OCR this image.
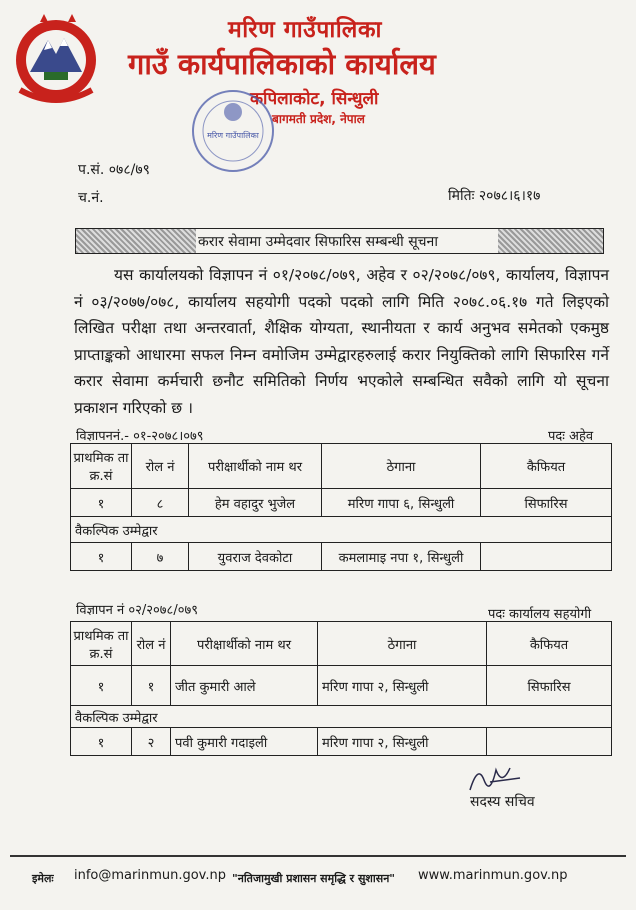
मरिण गाउँपालिका
गाउँ कार्यपालिकाको कार्यालय
कपिलाकोट, सिन्धुली
बागमती प्रदेश, नेपाल
मरिण गाउँपालिका
प.सं. ०७८/७९
च.नं.	मितिः २०७८।६।१७
करार सेवामा उम्मेदवार सिफारिस सम्बन्धी सूचना

यस कार्यालयको विज्ञापन नं ०१/२०७८/०७९, अहेव र ०२/२०७८/०७९, कार्यालय, विज्ञापन नं ०३/२०७७/०७८, कार्यालय सहयोगी पदको पदको लागि मिति २०७८.०६.१७ गते लिइएको लिखित परीक्षा तथा अन्तरवार्ता, शैक्षिक योग्यता, स्थानीयता र कार्य अनुभव समेतको एकमुष्ठ प्राप्ताङ्कको आधारमा सफल निम्न वमोजिम उम्मेद्वारहरुलाई करार नियुक्तिको लागि सिफारिस गर्ने करार सेवामा कर्मचारी छनौट समितिको निर्णय भएकोले सम्बन्धित सवैको लागि यो सूचना प्रकाशन गरिएको छ ।

विज्ञापननं.- ०१-२०७८।०७९	पदः अहेव
प्राथमिक ता क्र.सं	रोल नं	परीक्षार्थीको नाम थर	ठेगाना	कैफियत
१	८	हेम वहादुर भुजेल	मरिण गापा ६, सिन्धुली	सिफारिस
वैकल्पिक उम्मेद्वार				
१	७	युवराज देवकोटा	कमलामाइ नपा १, सिन्धुली	
विज्ञापन नं ०२/२०७८/०७९	पदः कार्यालय सहयोगी
प्राथमिक ता क्र.सं	रोल नं	परीक्षार्थीको नाम थर	ठेगाना	कैफियत
१	१	जीत कुमारी आले	मरिण गापा २, सिन्धुली	सिफारिस
वैकल्पिक उम्मेद्वार				
१	२	पवी कुमारी गदाइली	मरिण गापा २, सिन्धुली	
सदस्य सचिव
इमेलः info@marinmun.gov.np "नतिजामुखी प्रशासन समृद्धि र सुशासन" www.marinmun.gov.np
